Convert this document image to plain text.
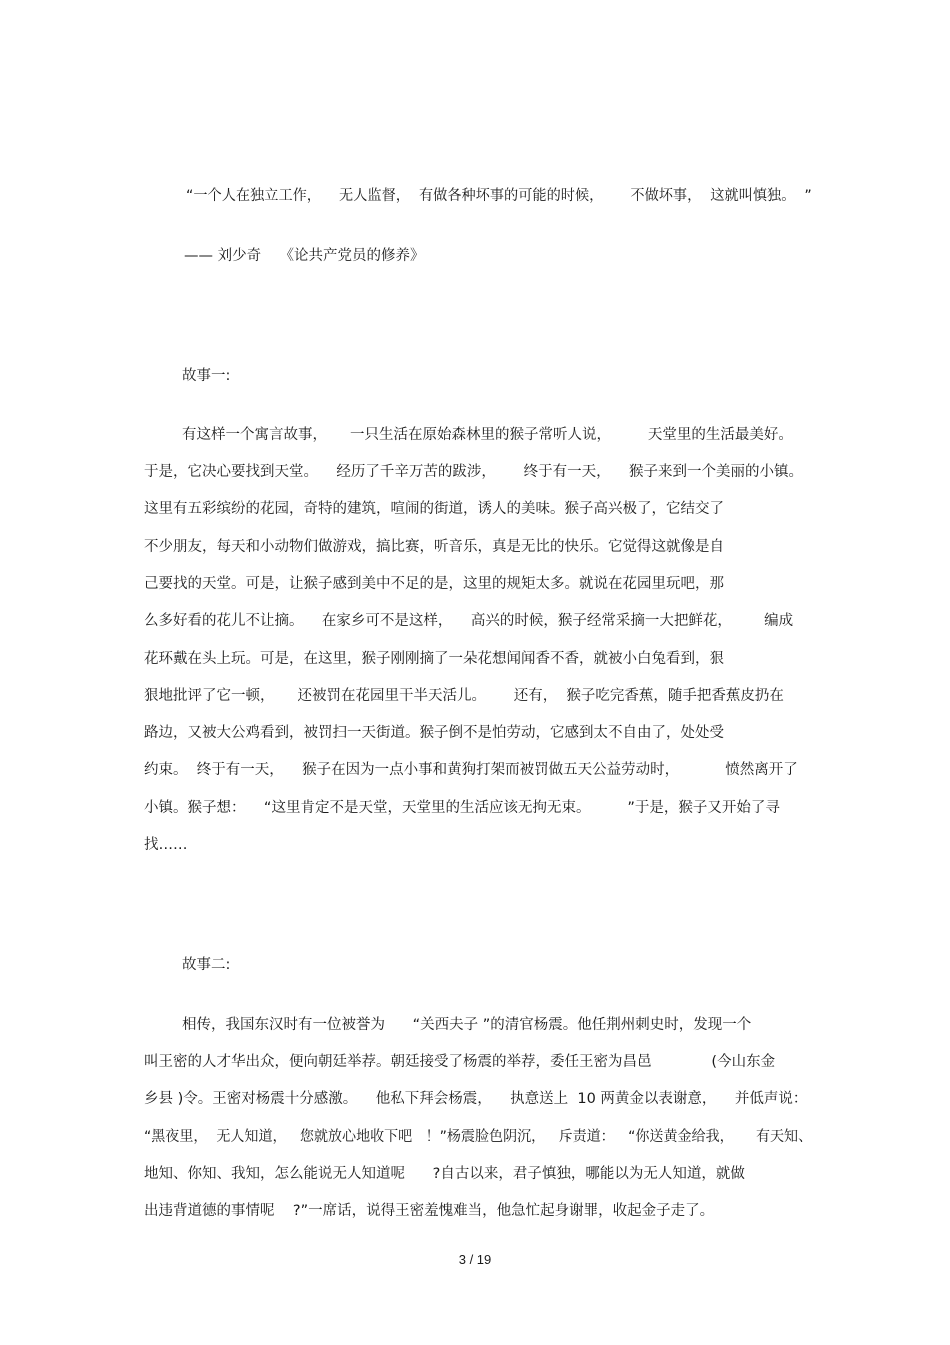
“一个人在独立工作，    无人监督，  有做各种坏事的可能的时候，      不做坏事，  这就叫慎独。  ”
—— 刘少奇    《论共产党员的修养》
故事一:
有这样一个寓言故事，     一只生活在原始森林里的猴子常听人说，        天堂里的生活最美好。
于是，它决心要找到天堂。    经历了千辛万苦的跋涉，      终于有一天，    猴子来到一个美丽的小镇。
这里有五彩缤纷的花园，奇特的建筑，喧闹的街道，诱人的美味。猴子高兴极了，它结交了
不少朋友，每天和小动物们做游戏，搞比赛，听音乐，真是无比的快乐。它觉得这就像是自
己要找的天堂。可是，让猴子感到美中不足的是，这里的规矩太多。就说在花园里玩吧，那
么多好看的花儿不让摘。    在家乡可不是这样，    高兴的时候，猴子经常采摘一大把鲜花，       编成
花环戴在头上玩。可是，在这里，猴子刚刚摘了一朵花想闻闻香不香，就被小白兔看到，狠
狠地批评了它一顿，     还被罚在花园里干半天活儿。      还有，  猴子吃完香蕉，随手把香蕉皮扔在
路边，又被大公鸡看到，被罚扫一天街道。猴子倒不是怕劳动，它感到太不自由了，处处受
约束。  终于有一天，    猴子在因为一点小事和黄狗打架而被罚做五天公益劳动时，          愤然离开了
小镇。猴子想：    “这里肯定不是天堂，天堂里的生活应该无拘无束。        ”于是，猴子又开始了寻
找……
故事二:
相传，我国东汉时有一位被誉为      “关西夫子 ”的清官杨震。他任荆州刺史时，发现一个
叫王密的人才华出众，便向朝廷举荐。朝廷接受了杨震的举荐，委任王密为昌邑             (今山东金
乡县 )令。王密对杨震十分感激。    他私下拜会杨震，    执意送上  10 两黄金以表谢意，    并低声说：
“黑夜里，  无人知道，   您就放心地收下吧   ！”杨震脸色阴沉，   斥责道：   “你送黄金给我，     有天知、
地知、你知、我知，怎么能说无人知道呢      ?自古以来，君子慎独，哪能以为无人知道，就做
出违背道德的事情呢    ?”一席话，说得王密羞愧难当，他急忙起身谢罪，收起金子走了。
3 / 19
